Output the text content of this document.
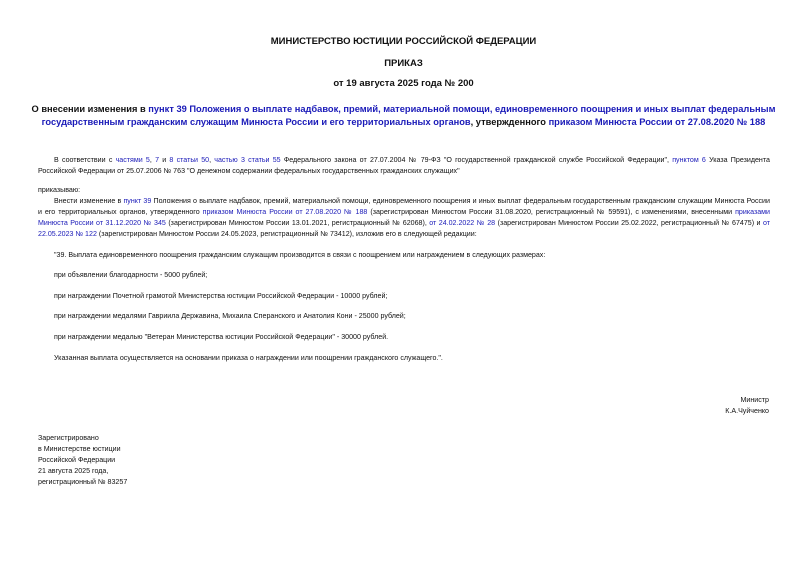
МИНИСТЕРСТВО ЮСТИЦИИ РОССИЙСКОЙ ФЕДЕРАЦИИ
ПРИКАЗ
от 19 августа 2025 года № 200
О внесении изменения в пункт 39 Положения о выплате надбавок, премий, материальной помощи, единовременного поощрения и иных выплат федеральным государственным гражданским служащим Минюста России и его территориальных органов, утвержденного приказом Минюста России от 27.08.2020 № 188
В соответствии с частями 5, 7 и 8 статьи 50, частью 3 статьи 55 Федерального закона от 27.07.2004 № 79-ФЗ "О государственной гражданской службе Российской Федерации", пунктом 6 Указа Президента Российской Федерации от 25.07.2006 № 763 "О денежном содержании федеральных государственных гражданских служащих"
приказываю:
Внести изменение в пункт 39 Положения о выплате надбавок, премий, материальной помощи, единовременного поощрения и иных выплат федеральным государственным гражданским служащим Минюста России и его территориальных органов, утвержденного приказом Минюста России от 27.08.2020 № 188 (зарегистрирован Минюстом России 31.08.2020, регистрационный № 59591), с изменениями, внесенными приказами Минюста России от 31.12.2020 № 345 (зарегистрирован Минюстом России 13.01.2021, регистрационный № 62068), от 24.02.2022 № 28 (зарегистрирован Минюстом России 25.02.2022, регистрационный № 67475) и от 22.05.2023 № 122 (зарегистрирован Минюстом России 24.05.2023, регистрационный № 73412), изложив его в следующей редакции:
"39. Выплата единовременного поощрения гражданским служащим производится в связи с поощрением или награждением в следующих размерах:
при объявлении благодарности - 5000 рублей;
при награждении Почетной грамотой Министерства юстиции Российской Федерации - 10000 рублей;
при награждении медалями Гавриила Державина, Михаила Сперанского и Анатолия Кони - 25000 рублей;
при награждении медалью "Ветеран Министерства юстиции Российской Федерации" - 30000 рублей.
Указанная выплата осуществляется на основании приказа о награждении или поощрении гражданского служащего.".
Министр
К.А.Чуйченко
Зарегистрировано
в Министерстве юстиции
Российской Федерации
21 августа 2025 года,
регистрационный № 83257
